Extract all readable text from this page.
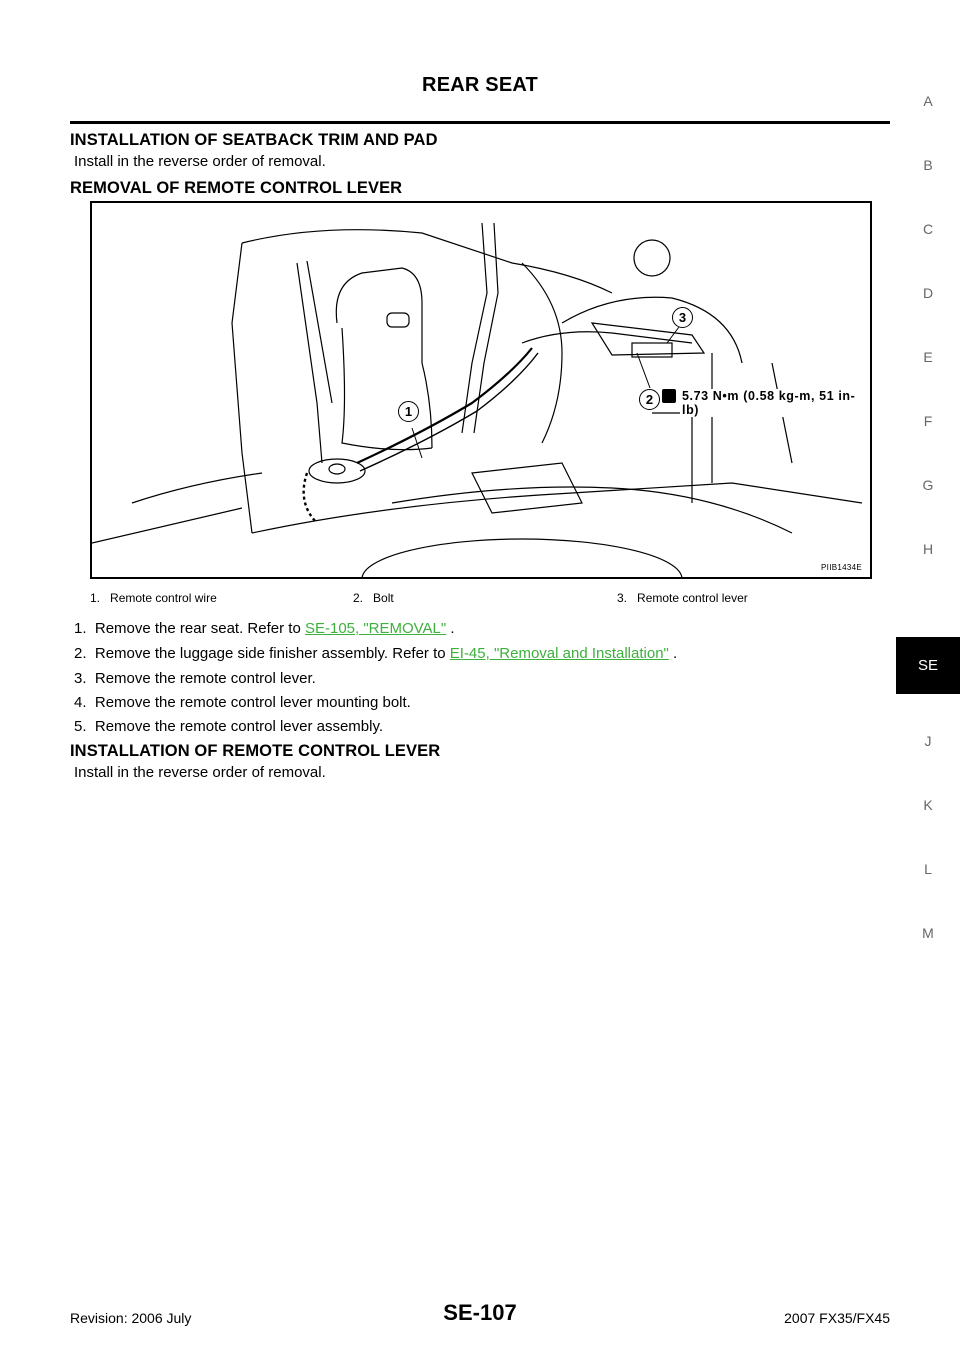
REAR SEAT
INSTALLATION OF SEATBACK TRIM AND PAD
Install in the reverse order of removal.
REMOVAL OF REMOTE CONTROL LEVER
1
2
3
5.73 N•m (0.58 kg-m, 51 in-lb)
PIIB1434E
1. Remote control wire	2. Bolt	3. Remote control lever
1. Remove the rear seat. Refer to SE-105, "REMOVAL" .
2. Remove the luggage side finisher assembly. Refer to EI-45, "Removal and Installation" .
3. Remove the remote control lever.
4. Remove the remote control lever mounting bolt.
5. Remove the remote control lever assembly.
INSTALLATION OF REMOTE CONTROL LEVER
Install in the reverse order of removal.
A
B
C
D
E
F
G
H
J
K
L
M
SE
Revision: 2006 July	SE-107	2007 FX35/FX45
